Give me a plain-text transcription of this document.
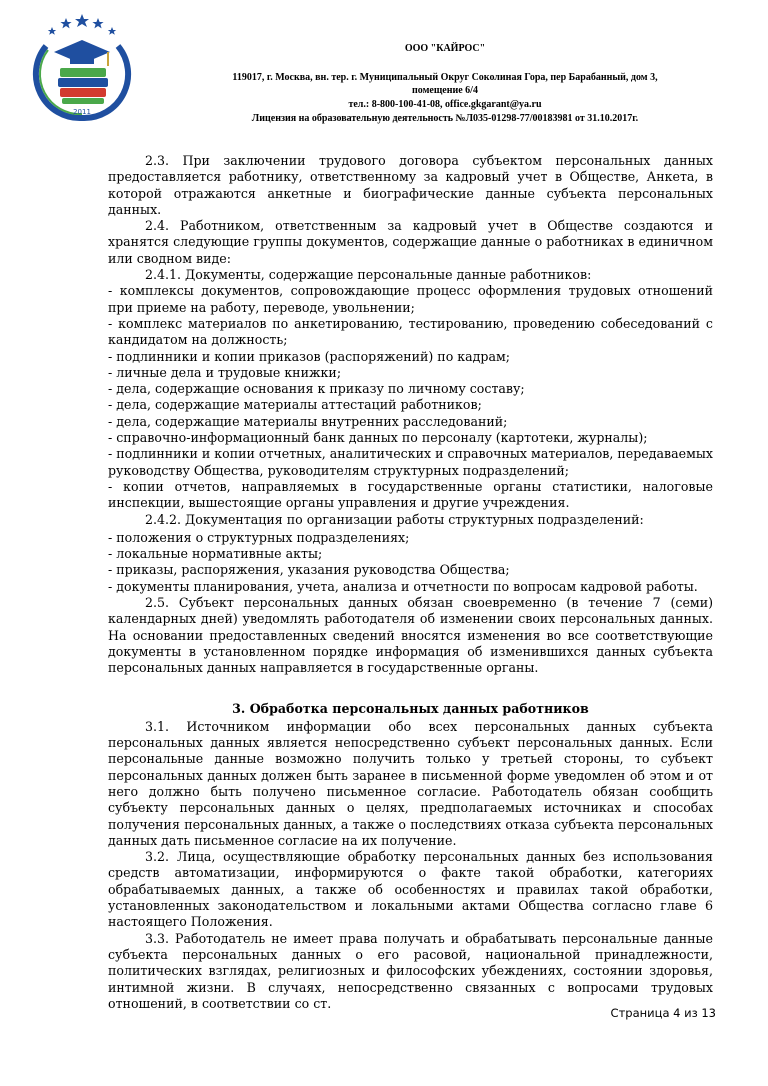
2011
ООО "КАЙРОС"
119017, г. Москва, вн. тер. г. Муниципальный Округ Соколиная Гора, пер Барабанный, дом 3,
помещение 6/4
тел.: 8-800-100-41-08, office.gkgarant@ya.ru
Лицензия на образовательную деятельность №Л035-01298-77/00183981 от 31.10.2017г.

2.3. При заключении трудового договора субъектом персональных данных предоставляется работнику, ответственному за кадровый учет в Обществе, Анкета, в которой отражаются анкетные и биографические данные субъекта персональных данных.

2.4. Работником, ответственным за кадровый учет в Обществе создаются и хранятся следующие группы документов, содержащие данные о работниках в единичном или сводном виде:

2.4.1. Документы, содержащие персональные данные работников:

- комплексы документов, сопровождающие процесс оформления трудовых отношений при приеме на работу, переводе, увольнении;

- комплекс материалов по анкетированию, тестированию, проведению собеседований с кандидатом на должность;

- подлинники и копии приказов (распоряжений) по кадрам;

- личные дела и трудовые книжки;

- дела, содержащие основания к приказу по личному составу;

- дела, содержащие материалы аттестаций работников;

- дела, содержащие материалы внутренних расследований;

- справочно-информационный банк данных по персоналу (картотеки, журналы);

- подлинники и копии отчетных, аналитических и справочных материалов, передаваемых руководству Общества, руководителям структурных подразделений;

- копии отчетов, направляемых в государственные органы статистики, налоговые инспекции, вышестоящие органы управления и другие учреждения.

2.4.2. Документация по организации работы структурных подразделений:

- положения о структурных подразделениях;

- локальные нормативные акты;

- приказы, распоряжения, указания руководства Общества;

- документы планирования, учета, анализа и отчетности по вопросам кадровой работы.

2.5. Субъект персональных данных обязан своевременно (в течение 7 (семи) календарных дней) уведомлять работодателя об изменении своих персональных данных. На основании предоставленных сведений вносятся изменения во все соответствующие документы в установленном порядке информация об изменившихся данных субъекта персональных данных направляется в государственные органы.

3. Обработка персональных данных работников

3.1. Источником информации обо всех персональных данных субъекта персональных данных является непосредственно субъект персональных данных. Если персональные данные возможно получить только у третьей стороны, то субъект персональных данных должен быть заранее в письменной форме уведомлен об этом и от него должно быть получено письменное согласие. Работодатель обязан сообщить субъекту персональных данных о целях, предполагаемых источниках и способах получения персональных данных, а также о последствиях отказа субъекта персональных данных дать письменное согласие на их получение.

3.2. Лица, осуществляющие обработку персональных данных без использования средств автоматизации, информируются о факте такой обработки, категориях обрабатываемых данных, а также об особенностях и правилах такой обработки, установленных законодательством и локальными актами Общества согласно главе 6 настоящего Положения.

3.3. Работодатель не имеет права получать и обрабатывать персональные данные субъекта персональных данных о его расовой, национальной принадлежности, политических взглядах, религиозных и философских убеждениях, состоянии здоровья, интимной жизни. В случаях, непосредственно связанных с вопросами трудовых отношений, в соответствии со ст.

Страница 4 из 13
